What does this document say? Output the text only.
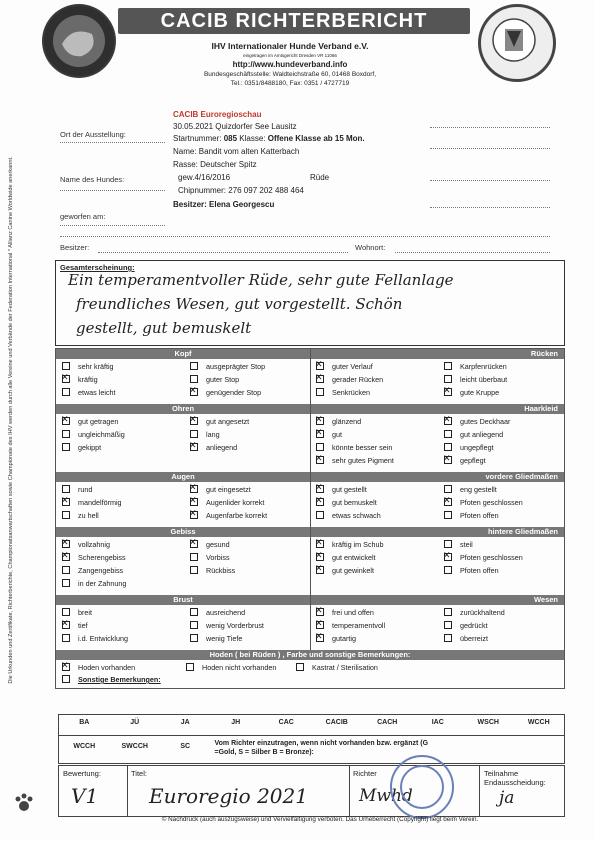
Die Urkunden und Zertifikate, Richterberichte, Championatsanwartschaften sowie Championate des IHV werden durch alle Vereine und Verbände der Federation International * Allianz Canine Worldwide anerkannt.
CACIB RICHTERBERICHT
IHV Internationaler Hunde Verband e.V.
eingetragen im Amtsgericht Dresden VR 11066
http://www.hundeverband.info
Bundesgeschäftsstelle: Waldteichstraße 60, 01468 Boxdorf,
Tel.: 0351/8488180, Fax: 0351 / 4727719
Ort der Ausstellung:
Name des Hundes:
geworfen am:
Besitzer:	Wohnort:
CACIB Euroregioschau
30.05.2021 Quizdorfer See Lausitz
Startnummer: 085 Klasse: Offene Klasse ab 15 Mon.
Name: Bandit vom alten Katterbach
Rasse: Deutscher Spitz
gew.4/16/2016	Rüde
Chipnummer: 276 097 202 488 464
Besitzer: Elena Georgescu
Gesamterscheinung:
Ein temperamentvoller Rüde, sehr gute Fellanlage
freundliches Wesen, gut vorgestellt. Schön
gestellt, gut bemuskelt
Kopf
sehr kräftig	ausgeprägter Stop
✕kräftig	guter Stop
etwas leicht ✕	genügender Stop
Rücken
✕guter Verlauf	Karpfenrücken
✕gerader Rücken	leicht überbaut
Senkrücken ✕	gute Kruppe
Ohren
✕gut getragen ✕	gut angesetzt
ungleichmäßig	lang
gekippt ✕	anliegend
Haarkleid
✕glänzend ✕	gutes Deckhaar
✕gut	gut anliegend
könnte besser sein	ungepflegt
✕sehr gutes Pigment ✕	gepflegt
Augen
rund ✕	gut eingesetzt
✕mandelförmig ✕	Augenlider korrekt
zu hell ✕	Augenfarbe korrekt
vordere Gliedmaßen
✕gut gestellt	eng gestellt
✕gut bemuskelt ✕	Pfoten geschlossen
etwas schwach	Pfoten offen
Gebiss
✕vollzahnig ✕	gesund
✕Scherengebiss	Vorbiss
Zangengebiss	Rückbiss
in der Zahnung
hintere Gliedmaßen
✕kräftig im Schub	steil
✕gut entwickelt ✕	Pfoten geschlossen
✕gut gewinkelt	Pfoten offen
Brust
breit	ausreichend
✕tief	wenig Vorderbrust
i.d. Entwicklung	wenig Tiefe
Wesen
✕frei und offen	zurückhaltend
✕temperamentvoll	gedrückt
✕gutartig	überreizt
Hoden ( bei Rüden ) , Farbe und sonstige Bemerkungen:
✕Hoden vorhanden	Hoden nicht vorhanden	Kastrat / Sterilisation
Sonstige Bemerkungen:
BA	JÜ	JA	JH	CAC	CACIB	CACH	IAC	WSCH	WCCH
WCCH	SWCCH	SC	Vom Richter einzutragen, wenn nicht vorhanden bzw. ergänzt (G =Gold, S = Silber B = Bronze):
Bewertung:	Titel:	Richter	Teilnahme Endausscheidung:
V1	Euroregio 2021	Mwhd	ja
© Nachdruck (auch auszugsweise) und Vervielfältigung verboten. Das Urheberrecht (Copyright) liegt beim Verein.
